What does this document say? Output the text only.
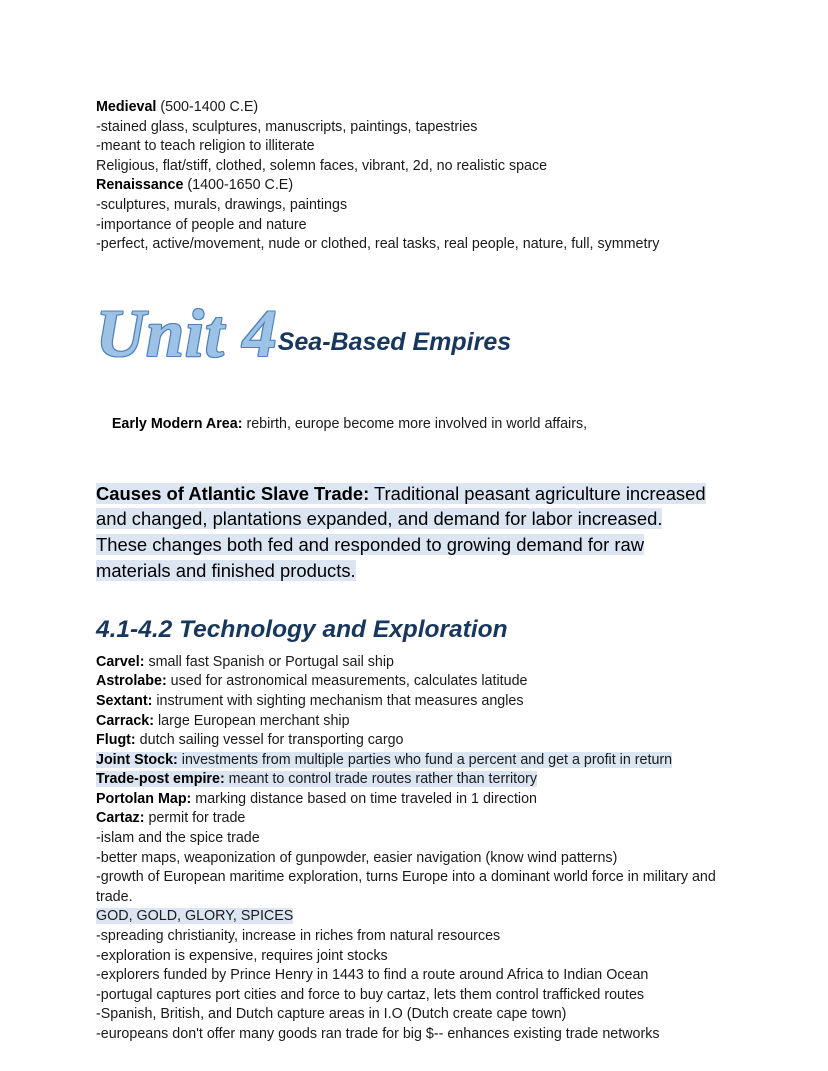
Medieval (500-1400 C.E)
-stained glass, sculptures, manuscripts, paintings, tapestries
-meant to teach religion to illiterate
Religious, flat/stiff, clothed, solemn faces, vibrant, 2d, no realistic space
Renaissance (1400-1650 C.E)
-sculptures, murals, drawings, paintings
-importance of people and nature
-perfect, active/movement, nude or clothed, real tasks, real people, nature, full, symmetry
Unit 4 Sea-Based Empires

Early Modern Area: rebirth, europe become more involved in world affairs,

Causes of Atlantic Slave Trade: Traditional peasant agriculture increased
and changed, plantations expanded, and demand for labor increased.
These changes both fed and responded to growing demand for raw
materials and finished products.
4.1-4.2 Technology and Exploration
Carvel: small fast Spanish or Portugal sail ship
Astrolabe: used for astronomical measurements, calculates latitude
Sextant: instrument with sighting mechanism that measures angles
Carrack: large European merchant ship
Flugt: dutch sailing vessel for transporting cargo
Joint Stock: investments from multiple parties who fund a percent and get a profit in return
Trade-post empire: meant to control trade routes rather than territory
Portolan Map: marking distance based on time traveled in 1 direction
Cartaz: permit for trade
-islam and the spice trade
-better maps, weaponization of gunpowder, easier navigation (know wind patterns)
-growth of European maritime exploration, turns Europe into a dominant world force in military and trade.
GOD, GOLD, GLORY, SPICES
-spreading christianity, increase in riches from natural resources
-exploration is expensive, requires joint stocks
-explorers funded by Prince Henry in 1443 to find a route around Africa to Indian Ocean
-portugal captures port cities and force to buy cartaz, lets them control trafficked routes
-Spanish, British, and Dutch capture areas in I.O (Dutch create cape town)
-europeans don't offer many goods ran trade for big $-- enhances existing trade networks
